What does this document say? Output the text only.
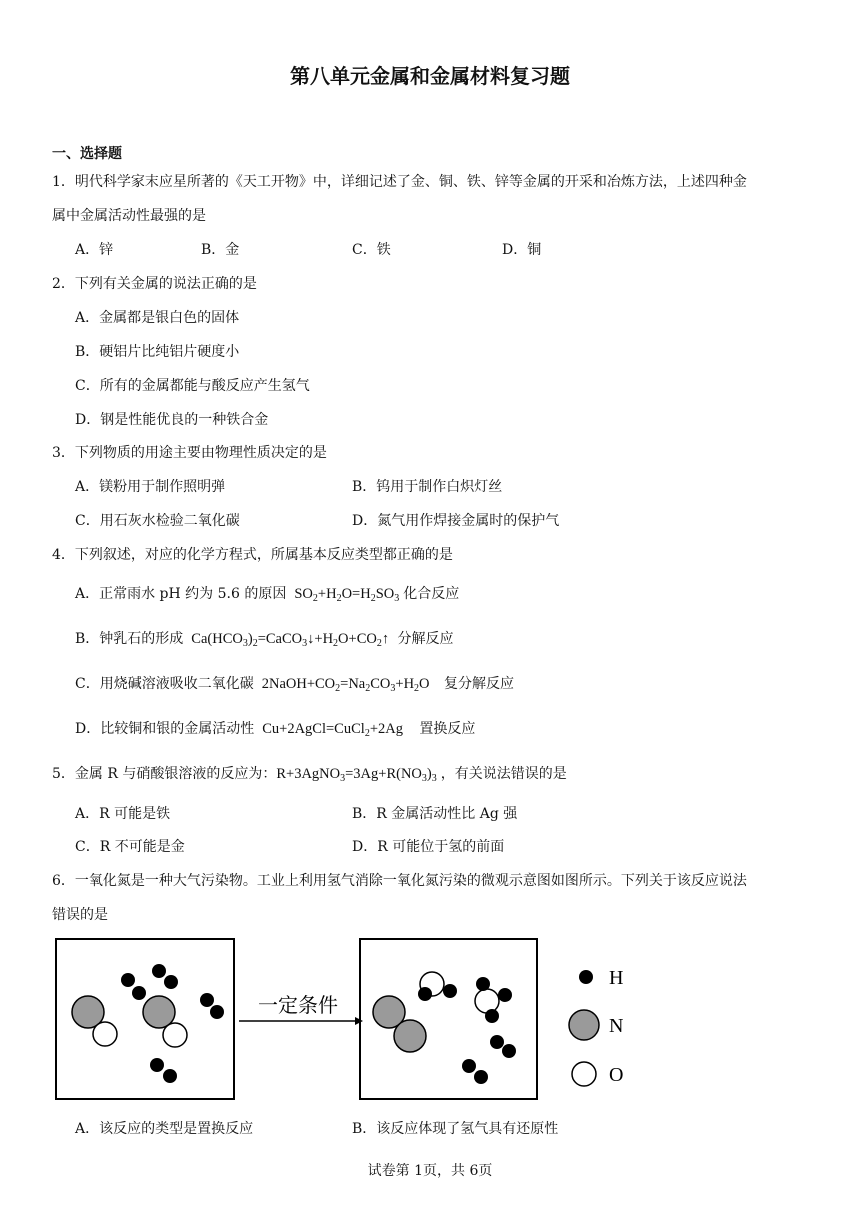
第八单元金属和金属材料复习题
一、选择题
1．明代科学家末应星所著的《天工开物》中，详细记述了金、铜、铁、锌等金属的开采和冶炼方法，上述四种金
属中金属活动性最强的是
A．锌	B．金	C．铁	D．铜
2．下列有关金属的说法正确的是
A．金属都是银白色的固体
B．硬铝片比纯铝片硬度小
C．所有的金属都能与酸反应产生氢气
D．钢是性能优良的一种铁合金
3．下列物质的用途主要由物理性质决定的是
A．镁粉用于制作照明弹	B．钨用于制作白炽灯丝
C．用石灰水检验二氧化碳	D．氮气用作焊接金属时的保护气
4．下列叙述，对应的化学方程式，所属基本反应类型都正确的是
A．正常雨水 pH 约为 5.6 的原因 $SO_2+H_2O=H_2SO_3$ 化合反应
B．钟乳石的形成 $Ca(HCO_3)_2=CaCO_3↓+H_2O+CO_2↑$ 分解反应
C．用烧碱溶液吸收二氧化碳 $2NaOH+CO_2=Na_2CO_3+H_2O$ 复分解反应
D．比较铜和银的金属活动性 Cu+2AgCl=CuCl$_2$+2Ag 置换反应
5．金属 R 与硝酸银溶液的反应为：$R+3AgNO_3=3Ag+R(NO_3)_3$ ，有关说法错误的是
A．R 可能是铁	B．R 金属活动性比 Ag 强
C．R 不可能是金	D．R 可能位于氢的前面
6．一氧化氮是一种大气污染物。工业上利用氢气消除一氧化氮污染的微观示意图如图所示。下列关于该反应说法
错误的是
一定条件
H
N
O
A．该反应的类型是置换反应	B．该反应体现了氢气具有还原性
试卷第 1页，共 6页
